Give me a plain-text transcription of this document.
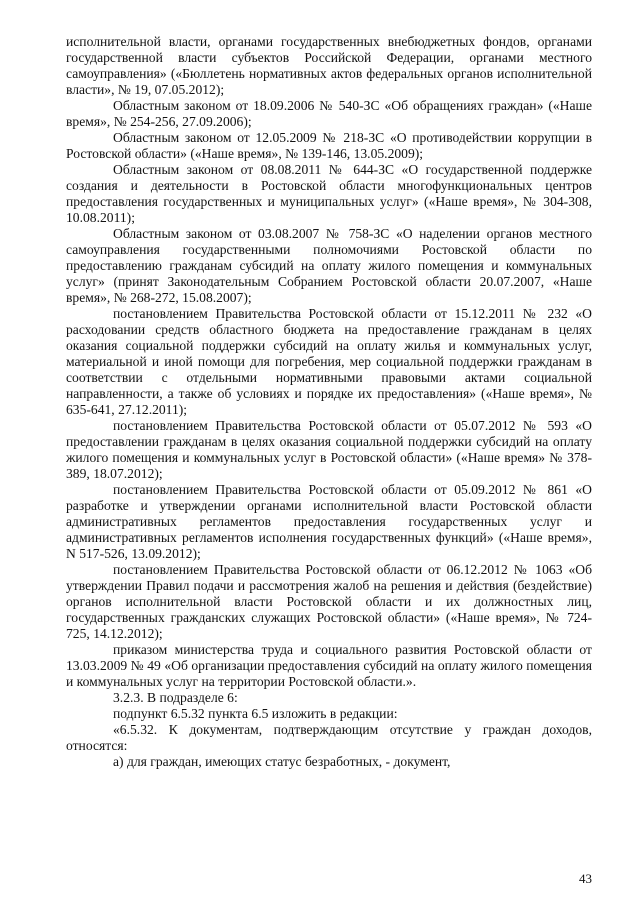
исполнительной власти, органами государственных внебюджетных фондов, органами государственной власти субъектов Российской Федерации, органами местного самоуправления» («Бюллетень нормативных актов федеральных органов исполнительной власти», № 19, 07.05.2012);

Областным законом от 18.09.2006 № 540-ЗС «Об обращениях граждан» («Наше время», № 254-256, 27.09.2006);

Областным законом от 12.05.2009 № 218-ЗС «О противодействии коррупции в Ростовской области» («Наше время», № 139-146, 13.05.2009);

Областным законом от 08.08.2011 № 644-ЗС «О государственной поддержке создания и деятельности в Ростовской области многофункциональных центров предоставления государственных и муниципальных услуг» («Наше время», № 304-308, 10.08.2011);

Областным законом от 03.08.2007 № 758-ЗС «О наделении органов местного самоуправления государственными полномочиями Ростовской области по предоставлению гражданам субсидий на оплату жилого помещения и коммунальных услуг» (принят Законодательным Собранием Ростовской области 20.07.2007, «Наше время», № 268-272, 15.08.2007);

постановлением Правительства Ростовской области от 15.12.2011 № 232 «О расходовании средств областного бюджета на предоставление гражданам в целях оказания социальной поддержки субсидий на оплату жилья и коммунальных услуг, материальной и иной помощи для погребения, мер социальной поддержки гражданам в соответствии с отдельными нормативными правовыми актами социальной направленности, а также об условиях и порядке их предоставления» («Наше время», № 635-641, 27.12.2011);

постановлением Правительства Ростовской области от 05.07.2012 № 593 «О предоставлении гражданам в целях оказания социальной поддержки субсидий на оплату жилого помещения и коммунальных услуг в Ростовской области» («Наше время» № 378-389, 18.07.2012);

постановлением Правительства Ростовской области от 05.09.2012 № 861 «О разработке и утверждении органами исполнительной власти Ростовской области административных регламентов предоставления государственных услуг и административных регламентов исполнения государственных функций» («Наше время», N 517-526, 13.09.2012);

постановлением Правительства Ростовской области от 06.12.2012 № 1063 «Об утверждении Правил подачи и рассмотрения жалоб на решения и действия (бездействие) органов исполнительной власти Ростовской области и их должностных лиц, государственных гражданских служащих Ростовской области» («Наше время», № 724-725, 14.12.2012);

приказом министерства труда и социального развития Ростовской области от 13.03.2009 № 49 «Об организации предоставления субсидий на оплату жилого помещения и коммунальных услуг на территории Ростовской области.».

3.2.3. В подразделе 6:

подпункт 6.5.32 пункта 6.5 изложить в редакции:

«6.5.32. К документам, подтверждающим отсутствие у граждан доходов, относятся:

а) для граждан, имеющих статус безработных, - документ,

43
